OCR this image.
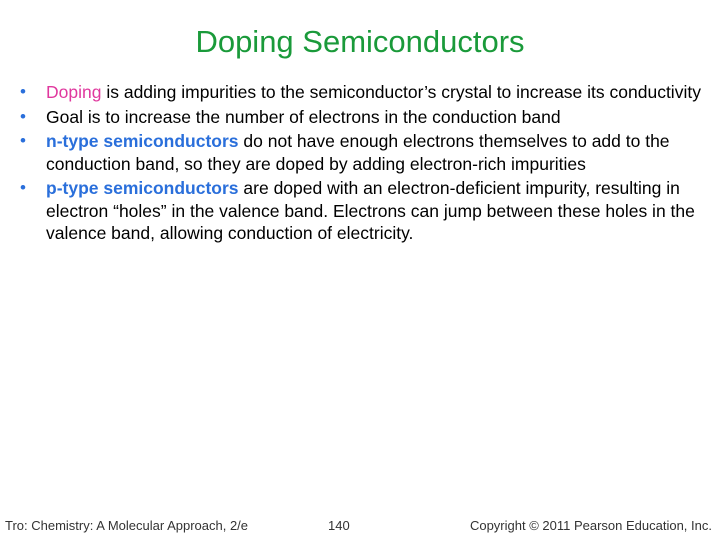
Doping Semiconductors
• Doping is adding impurities to the semiconductor’s crystal to increase its conductivity
• Goal is to increase the number of electrons in the conduction band
• n-type semiconductors do not have enough electrons themselves to add to the conduction band, so they are doped by adding electron-rich impurities
• p-type semiconductors are doped with an electron-deficient impurity, resulting in electron “holes” in the valence band. Electrons can jump between these holes in the valence band, allowing conduction of electricity.
Tro: Chemistry: A Molecular Approach, 2/e	140	Copyright © 2011 Pearson Education, Inc.
